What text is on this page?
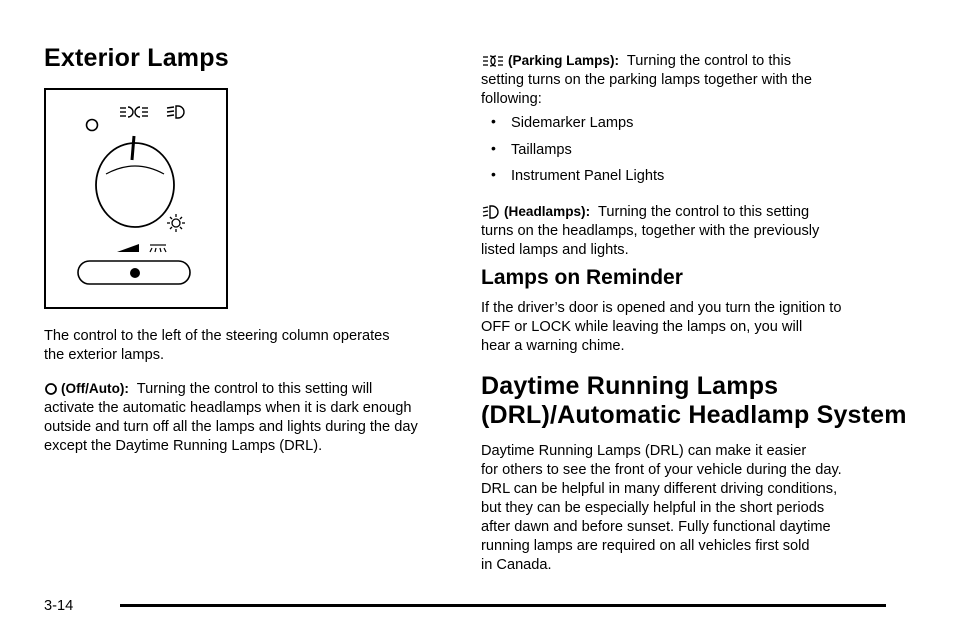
Exterior Lamps
The control to the left of the steering column operates
the exterior lamps.
(Off/Auto): Turning the control to this setting will
activate the automatic headlamps when it is dark enough
outside and turn off all the lamps and lights during the day
except the Daytime Running Lamps (DRL).
(Parking Lamps): Turning the control to this
setting turns on the parking lamps together with the
following:
• Sidemarker Lamps
• Taillamps
• Instrument Panel Lights
(Headlamps): Turning the control to this setting
turns on the headlamps, together with the previously
listed lamps and lights.
Lamps on Reminder
If the driver’s door is opened and you turn the ignition to
OFF or LOCK while leaving the lamps on, you will
hear a warning chime.
Daytime Running Lamps
(DRL)/Automatic Headlamp System
Daytime Running Lamps (DRL) can make it easier
for others to see the front of your vehicle during the day.
DRL can be helpful in many different driving conditions,
but they can be especially helpful in the short periods
after dawn and before sunset. Fully functional daytime
running lamps are required on all vehicles first sold
in Canada.
3-14
